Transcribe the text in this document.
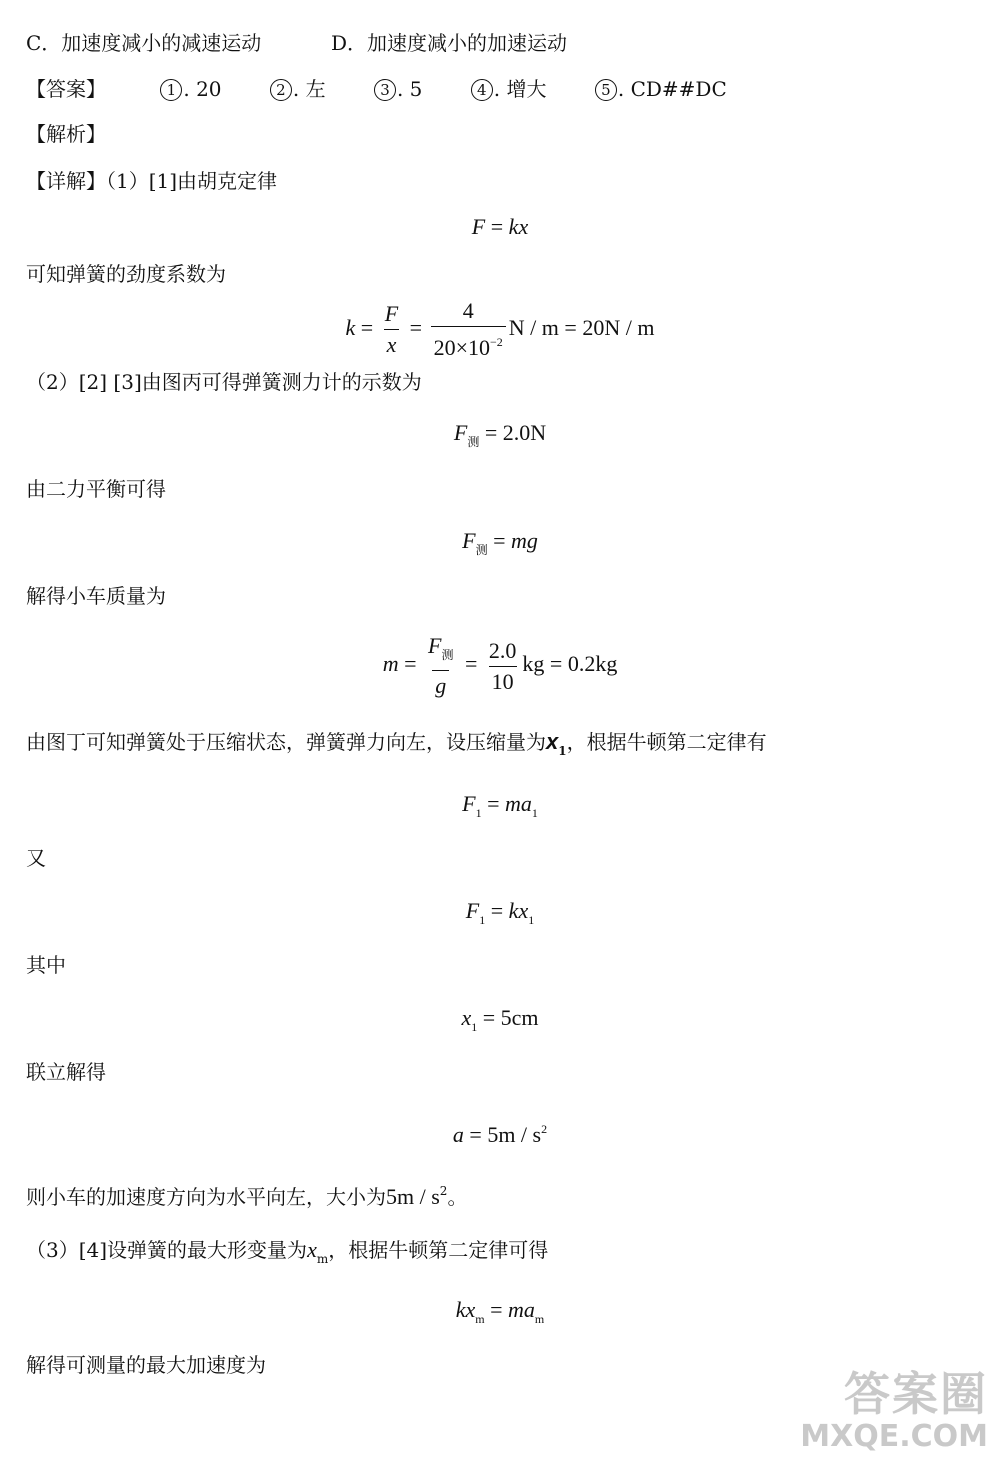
C．加速度减小的减速运动	D．加速度减小的加速运动
【答案】	1 . 20	2 . 左	3 . 5	4 . 增大	5 . CD##DC
【解析】
【详解】（1）[1]由胡克定律
F = kx
可知弹簧的劲度系数为
$k = \frac{F}{x} = \frac{4}{20\times 10^{-2}}$ N / m = 20N / m
（2）[2] [3]由图丙可得弹簧测力计的示数为
$F_测 = 2.0N$
由二力平衡可得
$F_测$ = mg
解得小车质量为
$m = \frac{F_测}{g} = \frac{2.0}{10}$ kg = 0.2kg
由图丁可知弹簧处于压缩状态，弹簧弹力向左，设压缩量为$x_1$，根据牛顿第二定律有
$F_1 = ma_1$
又
$F_1 = kx_1$
其中
$x_1 = 5cm$
联立解得
$a = 5m / s^2$
则小车的加速度方向为水平向左，大小为$5m / s^2$。
（3）[4]设弹簧的最大形变量为$x_m$，根据牛顿第二定律可得
$kx_m = ma_m$
解得可测量的最大加速度为
答案圈
MXQE.COM
